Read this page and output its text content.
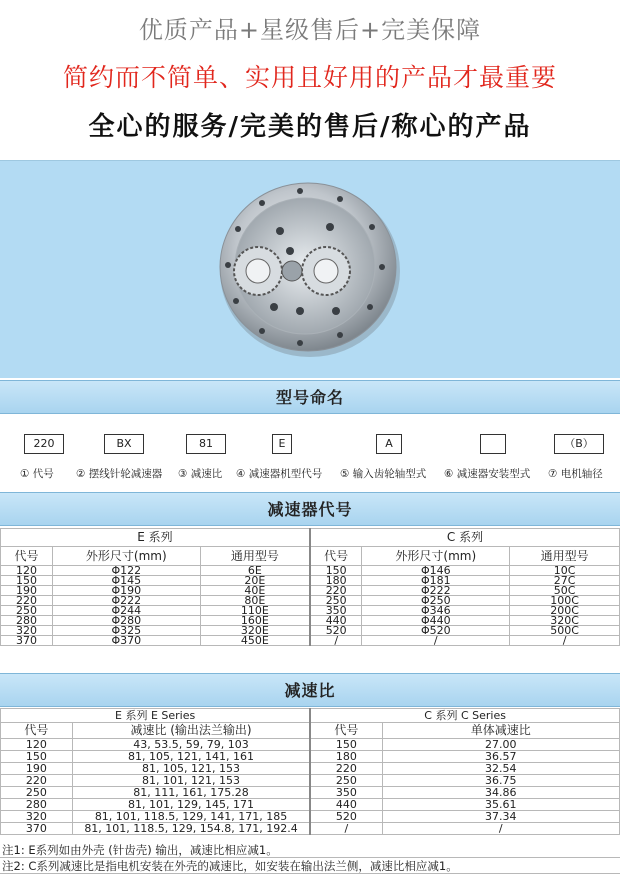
优质产品+星级售后+完美保障
简约而不简单、实用且好用的产品才最重要
全心的服务/完美的售后/称心的产品
型号命名
220	BX	81	E	A	（B）
① 代号 ② 摆线针轮减速器 ③ 减速比 ④ 减速器机型代号 ⑤ 输入齿轮轴型式 ⑥ 减速器安装型式 ⑦ 电机轴径
减速器代号
E 系列			C 系列		
代号	外形尺寸(mm)	通用型号	代号	外形尺寸(mm)	通用型号
120	Φ122	6E	150	Φ146	10C
150	Φ145	20E	180	Φ181	27C
190	Φ190	40E	220	Φ222	50C
220	Φ222	80E	250	Φ250	100C
250	Φ244	110E	350	Φ346	200C
280	Φ280	160E	440	Φ440	320C
320	Φ325	320E	520	Φ520	500C
370	Φ370	450E	/	/	/
减速比
E 系列 E Series		C 系列 C Series	
代号	减速比 (输出法兰输出)	代号	单体减速比
120	43, 53.5, 59, 79, 103	150	27.00
150	81, 105, 121, 141, 161	180	36.57
190	81, 105, 121, 153	220	32.54
220	81, 101, 121, 153	250	36.75
250	81, 111, 161, 175.28	350	34.86
280	81, 101, 129, 145, 171	440	35.61
320	81, 101, 118.5, 129, 141, 171, 185	520	37.34
370	81, 101, 118.5, 129, 154.8, 171, 192.4	/	/
注1: E系列如由外壳 (针齿壳) 输出，减速比相应减1。
注2: C系列减速比是指电机安装在外壳的减速比，如安装在输出法兰侧，减速比相应减1。
